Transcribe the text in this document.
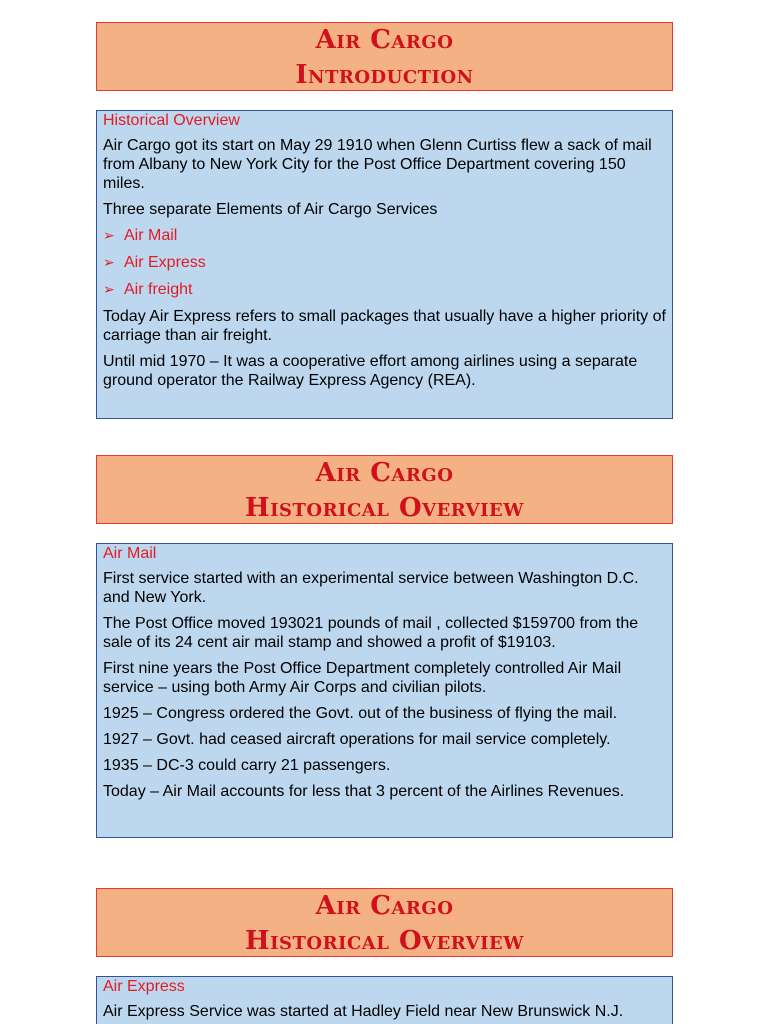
Air Cargo
Introduction
Historical Overview
Air Cargo got its start on May 29 1910 when Glenn Curtiss flew a sack of mail from Albany to New York City for the Post Office Department covering 150 miles.
Three separate Elements of Air Cargo Services
➢ Air Mail
➢ Air Express
➢ Air freight
Today Air Express refers to small packages that usually have a higher priority of carriage than air freight.
Until mid 1970 – It was a cooperative effort among airlines using a separate ground operator the Railway Express Agency (REA).
Air Cargo
Historical Overview
Air Mail
First service started with an experimental service between Washington D.C. and New York.
The Post Office moved 193021 pounds of mail , collected $159700 from the sale of its 24 cent air mail stamp and showed a profit of $19103.
First nine years the Post Office Department completely controlled Air Mail service – using both Army Air Corps and civilian pilots.
1925 – Congress ordered the Govt. out of the business of flying the mail.
1927 – Govt. had ceased aircraft operations for mail service completely.
1935 – DC-3 could carry 21 passengers.
Today – Air Mail accounts for less that 3 percent of the Airlines Revenues.
Air Cargo
Historical Overview
Air Express
Air Express Service was started at Hadley Field near New Brunswick N.J.
